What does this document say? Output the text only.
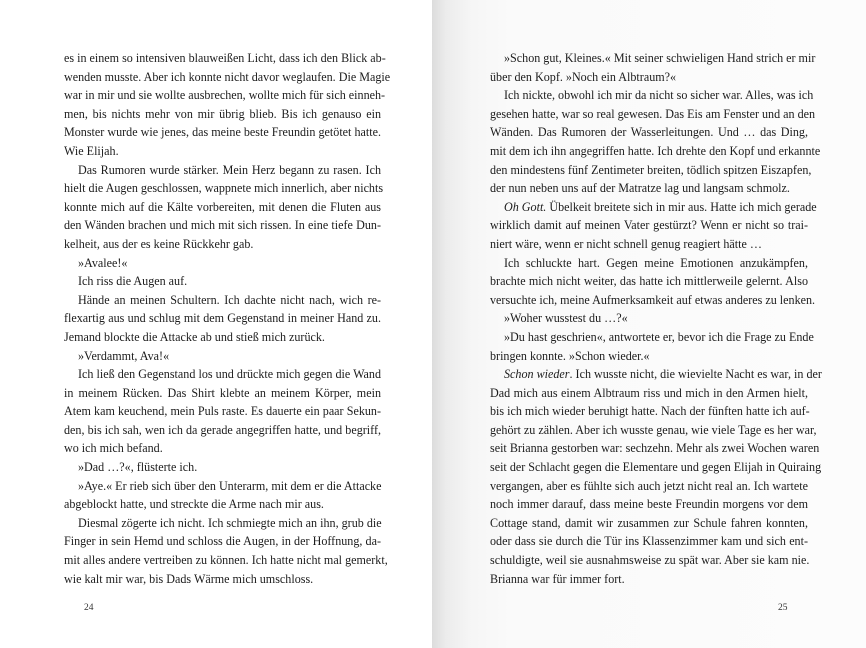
es in einem so intensiven blauweißen Licht, dass ich den Blick ab-
wenden musste. Aber ich konnte nicht davor weglaufen. Die Magie
war in mir und sie wollte ausbrechen, wollte mich für sich einneh-
men, bis nichts mehr von mir übrig blieb. Bis ich genauso ein
Monster wurde wie jenes, das meine beste Freundin getötet hatte.
Wie Elijah.
Das Rumoren wurde stärker. Mein Herz begann zu rasen. Ich
hielt die Augen geschlossen, wappnete mich innerlich, aber nichts
konnte mich auf die Kälte vorbereiten, mit denen die Fluten aus
den Wänden brachen und mich mit sich rissen. In eine tiefe Dun-
kelheit, aus der es keine Rückkehr gab.
»Avalee!«
Ich riss die Augen auf.
Hände an meinen Schultern. Ich dachte nicht nach, wich re-
flexartig aus und schlug mit dem Gegenstand in meiner Hand zu.
Jemand blockte die Attacke ab und stieß mich zurück.
»Verdammt, Ava!«
Ich ließ den Gegenstand los und drückte mich gegen die Wand
in meinem Rücken. Das Shirt klebte an meinem Körper, mein
Atem kam keuchend, mein Puls raste. Es dauerte ein paar Sekun-
den, bis ich sah, wen ich da gerade angegriffen hatte, und begriff,
wo ich mich befand.
»Dad …?«, flüsterte ich.
»Aye.« Er rieb sich über den Unterarm, mit dem er die Attacke
abgeblockt hatte, und streckte die Arme nach mir aus.
Diesmal zögerte ich nicht. Ich schmiegte mich an ihn, grub die
Finger in sein Hemd und schloss die Augen, in der Hoffnung, da-
mit alles andere vertreiben zu können. Ich hatte nicht mal gemerkt,
wie kalt mir war, bis Dads Wärme mich umschloss.
24
»Schon gut, Kleines.« Mit seiner schwieligen Hand strich er mir
über den Kopf. »Noch ein Albtraum?«
Ich nickte, obwohl ich mir da nicht so sicher war. Alles, was ich
gesehen hatte, war so real gewesen. Das Eis am Fenster und an den
Wänden. Das Rumoren der Wasserleitungen. Und … das Ding,
mit dem ich ihn angegriffen hatte. Ich drehte den Kopf und erkannte
den mindestens fünf Zentimeter breiten, tödlich spitzen Eiszapfen,
der nun neben uns auf der Matratze lag und langsam schmolz.
Oh Gott. Übelkeit breitete sich in mir aus. Hatte ich mich gerade
wirklich damit auf meinen Vater gestürzt? Wenn er nicht so trai-
niert wäre, wenn er nicht schnell genug reagiert hätte …
Ich schluckte hart. Gegen meine Emotionen anzukämpfen,
brachte mich nicht weiter, das hatte ich mittlerweile gelernt. Also
versuchte ich, meine Aufmerksamkeit auf etwas anderes zu lenken.
»Woher wusstest du …?«
»Du hast geschrien«, antwortete er, bevor ich die Frage zu Ende
bringen konnte. »Schon wieder.«
Schon wieder. Ich wusste nicht, die wievielte Nacht es war, in der
Dad mich aus einem Albtraum riss und mich in den Armen hielt,
bis ich mich wieder beruhigt hatte. Nach der fünften hatte ich auf-
gehört zu zählen. Aber ich wusste genau, wie viele Tage es her war,
seit Brianna gestorben war: sechzehn. Mehr als zwei Wochen waren
seit der Schlacht gegen die Elementare und gegen Elijah in Quiraing
vergangen, aber es fühlte sich auch jetzt nicht real an. Ich wartete
noch immer darauf, dass meine beste Freundin morgens vor dem
Cottage stand, damit wir zusammen zur Schule fahren konnten,
oder dass sie durch die Tür ins Klassenzimmer kam und sich ent-
schuldigte, weil sie ausnahmsweise zu spät war. Aber sie kam nie.
Brianna war für immer fort.
25
